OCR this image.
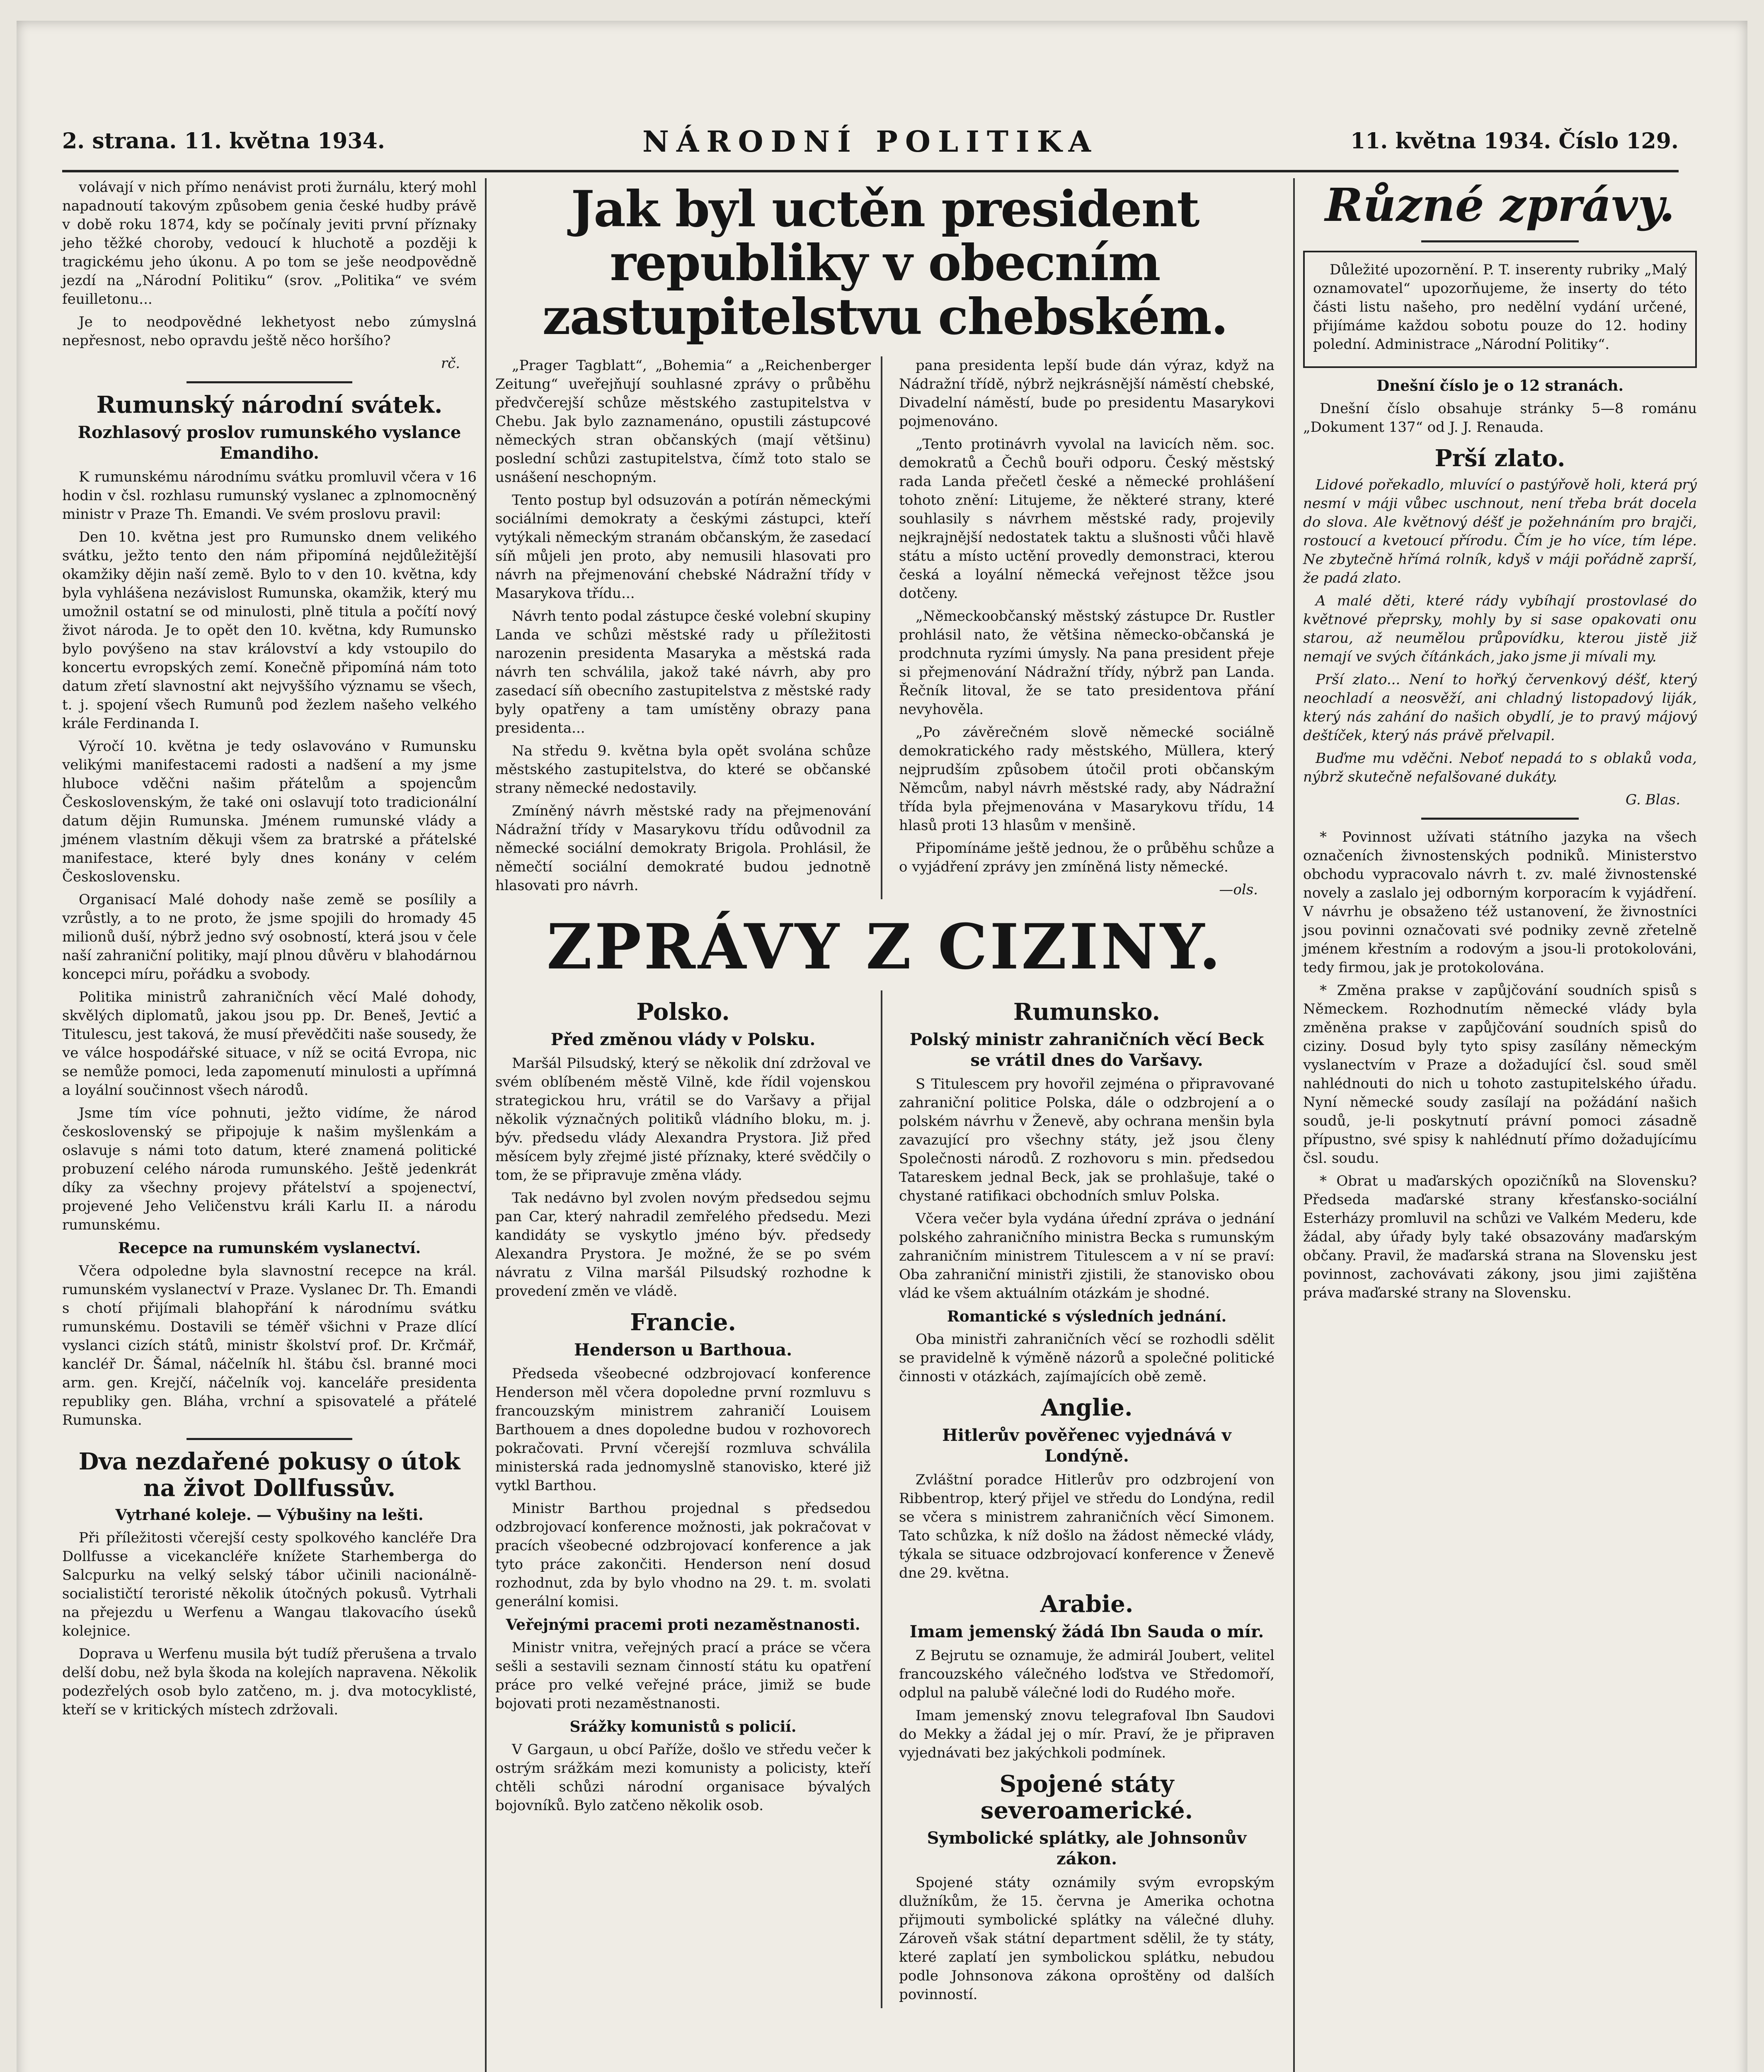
2. strana. 11. května 1934.	NÁRODNÍ POLITIKA	11. května 1934. Číslo 129.

volávají v nich přímo nenávist proti žurnálu, který mohl napadnoutí takovým způsobem genia české hudby právě v době roku 1874, kdy se počínaly jeviti první příznaky jeho těžké choroby, vedoucí k hluchotě a později k tragickému jeho úkonu. A po tom se ješe neodpovědně jezdí na „Národní Politiku“ (srov. „Politika“ ve svém feuilletonu...

Je to neodpovědné lekhetyost nebo zúmyslná nepřesnost, nebo opravdu ještě něco horšího?

rč.
Rumunský národní svátek.
Rozhlasový proslov rumunského vyslance Emandiho.

K rumunskému národnímu svátku promluvil včera v 16 hodin v čsl. rozhlasu rumunský vyslanec a zplnomocněný ministr v Praze Th. Emandi. Ve svém proslovu pravil:

Den 10. května jest pro Rumunsko dnem velikého svátku, ježto tento den nám připomíná nejdůležitější okamžiky dějin naší země. Bylo to v den 10. května, kdy byla vyhlášena nezávislost Rumunska, okamžik, který mu umožnil ostatní se od minulosti, plně titula a počítí nový život národa. Je to opět den 10. května, kdy Rumunsko bylo povýšeno na stav království a kdy vstoupilo do koncertu evropských zemí. Konečně připomíná nám toto datum zřetí slavnostní akt nejvyššího významu se všech, t. j. spojení všech Rumunů pod žezlem našeho velkého krále Ferdinanda I.

Výročí 10. května je tedy oslavováno v Rumunsku velikými manifestacemi radosti a nadšení a my jsme hluboce vděčni našim přátelům a spojencům Československým, že také oni oslavují toto tradicionální datum dějin Rumunska. Jménem rumunské vlády a jménem vlastním děkuji všem za bratrské a přátelské manifestace, které byly dnes konány v celém Československu.

Organisací Malé dohody naše země se posílily a vzrůstly, a to ne proto, že jsme spojili do hromady 45 milionů duší, nýbrž jedno svý osobností, která jsou v čele naší zahraniční politiky, mají plnou důvěru v blahodárnou koncepci míru, pořádku a svobody.

Politika ministrů zahraničních věcí Malé dohody, skvělých diplomatů, jakou jsou pp. Dr. Beneš, Jevtić a Titulescu, jest taková, že musí převědčiti naše sousedy, že ve válce hospodářské situace, v níž se ocitá Evropa, nic se nemůže pomoci, leda zapomenutí minulosti a upřímná a loyální součinnost všech národů.

Jsme tím více pohnuti, ježto vidíme, že národ československý se připojuje k našim myšlenkám a oslavuje s námi toto datum, které znamená politické probuzení celého národa rumunského. Ještě jedenkrát díky za všechny projevy přátelství a spojenectví, projevené Jeho Veličenstvu králi Karlu II. a národu rumunskému.

Recepce na rumunském vyslanectví.

Včera odpoledne byla slavnostní recepce na král. rumunském vyslanectví v Praze. Vyslanec Dr. Th. Emandi s chotí přijímali blahopřání k národnímu svátku rumunskému. Dostavili se téměř všichni v Praze dlící vyslanci cizích států, ministr školství prof. Dr. Krčmář, kancléř Dr. Šámal, náčelník hl. štábu čsl. branné moci arm. gen. Krejčí, náčelník voj. kanceláře presidenta republiky gen. Bláha, vrchní a spisovatelé a přátelé Rumunska.

Dva nezdařené pokusy o útok na život Dollfussův.
Vytrhané koleje. — Výbušiny na lešti.

Při příležitosti včerejší cesty spolkového kancléře Dra Dollfusse a vicekancléře knížete Starhemberga do Salcpurku na velký selský tábor učinili nacionálně-socialističtí teroristé několik útočných pokusů. Vytrhali na přejezdu u Werfenu a Wangau tlakovacího úseků kolejnice.

Doprava u Werfenu musila být tudíž přerušena a trvalo delší dobu, než byla škoda na kolejích napravena. Několik podezřelých osob bylo zatčeno, m. j. dva motocyklisté, kteří se v kritických místech zdržovali.

Jak byl uctěn president republiky v obecním zastupitelstvu chebském.

„Prager Tagblatt“, „Bohemia“ a „Reichenberger Zeitung“ uveřejňují souhlasné zprávy o průběhu předvčerejší schůze městského zastupitelstva v Chebu. Jak bylo zaznamenáno, opustili zástupcové německých stran občanských (mají většinu) poslední schůzi zastupitelstva, čímž toto stalo se usnášení neschopným.

Tento postup byl odsuzován a potírán německými sociálními demokraty a českými zástupci, kteří vytýkali německým stranám občanským, že zasedací síň můjeli jen proto, aby nemusili hlasovati pro návrh na přejmenování chebské Nádražní třídy v Masarykova třídu...

Návrh tento podal zástupce české volební skupiny Landa ve schůzi městské rady u příležitosti narozenin presidenta Masaryka a městská rada návrh ten schválila, jakož také návrh, aby pro zasedací síň obecního zastupitelstva z městské rady byly opatřeny a tam umístěny obrazy pana presidenta...

Na středu 9. května byla opět svolána schůze městského zastupitelstva, do které se občanské strany německé nedostavily.

Zmíněný návrh městské rady na přejmenování Nádražní třídy v Masarykovu třídu odůvodnil za německé sociální demokraty Brigola. Prohlásil, že němečtí sociální demokraté budou jednotně hlasovati pro návrh.

pana presidenta lepší bude dán výraz, když na Nádražní třídě, nýbrž nejkrásnější náměstí chebské, Divadelní náměstí, bude po presidentu Masarykovi pojmenováno.

„Tento protinávrh vyvolal na lavicích něm. soc. demokratů a Čechů bouři odporu. Český městský rada Landa přečetl české a německé prohlášení tohoto znění: Litujeme, že některé strany, které souhlasily s návrhem městské rady, projevily nejkrajnější nedostatek taktu a slušnosti vůči hlavě státu a místo uctění provedly demonstraci, kterou česká a loyální německá veřejnost těžce jsou dotčeny.

„Německoobčanský městský zástupce Dr. Rustler prohlásil nato, že většina německo-občanská je prodchnuta ryzími úmysly. Na pana president přeje si přejmenování Nádražní třídy, nýbrž pan Landa. Řečník litoval, že se tato presidentova přání nevyhověla.

„Po závěrečném slově německé sociálně demokratického rady městského, Müllera, který nejprudším způsobem útočil proti občanským Němcům, nabyl návrh městské rady, aby Nádražní třída byla přejmenována v Masarykovu třídu, 14 hlasů proti 13 hlasům v menšině.

Připomínáme ještě jednou, že o průběhu schůze a o vyjádření zprávy jen zmíněná listy německé.

—ols.
ZPRÁVY Z CIZINY.
Polsko.
Před změnou vlády v Polsku.

Maršál Pilsudský, který se několik dní zdržoval ve svém oblíbeném městě Vilně, kde řídil vojenskou strategickou hru, vrátil se do Varšavy a přijal několik význačných politiků vládního bloku, m. j. býv. předsedu vlády Alexandra Prystora. Již před měsícem byly zřejmé jisté příznaky, které svědčily o tom, že se připravuje změna vlády.

Tak nedávno byl zvolen novým předsedou sejmu pan Car, který nahradil zemřelého předsedu. Mezi kandidáty se vyskytlo jméno býv. předsedy Alexandra Prystora. Je možné, že se po svém návratu z Vilna maršál Pilsudský rozhodne k provedení změn ve vládě.

Francie.
Henderson u Barthoua.

Předseda všeobecné odzbrojovací konference Henderson měl včera dopoledne první rozmluvu s francouzským ministrem zahraničí Louisem Barthouem a dnes dopoledne budou v rozhovorech pokračovati. První včerejší rozmluva schválila ministerská rada jednomyslně stanovisko, které již vytkl Barthou.

Ministr Barthou projednal s předsedou odzbrojovací konference možnosti, jak pokračovat v pracích všeobecné odzbrojovací konference a jak tyto práce zakončiti. Henderson není dosud rozhodnut, zda by bylo vhodno na 29. t. m. svolati generální komisi.

Veřejnými pracemi proti nezaměstnanosti.

Ministr vnitra, veřejných prací a práce se včera sešli a sestavili seznam činností státu ku opatření práce pro velké veřejné práce, jimiž se bude bojovati proti nezaměstnanosti.

Srážky komunistů s policií.

V Gargaun, u obcí Paříže, došlo ve středu večer k ostrým srážkám mezi komunisty a policisty, kteří chtěli schůzi národní organisace bývalých bojovníků. Bylo zatčeno několik osob.

Rumunsko.
Polský ministr zahraničních věcí Beck se vrátil dnes do Varšavy.

S Titulescem pry hovořil zejména o připravované zahraniční politice Polska, dále o odzbrojení a o polském návrhu v Ženevě, aby ochrana menšin byla zavazující pro všechny státy, jež jsou členy Společnosti národů. Z rozhovoru s min. předsedou Tatareskem jednal Beck, jak se prohlašuje, také o chystané ratifikaci obchodních smluv Polska.

Včera večer byla vydána úřední zpráva o jednání polského zahraničního ministra Becka s rumunským zahraničním ministrem Titulescem a v ní se praví: Oba zahraniční ministři zjistili, že stanovisko obou vlád ke všem aktuálním otázkám je shodné.

Romantické s výsledních jednání.

Oba ministři zahraničních věcí se rozhodli sdělit se pravidelně k výměně názorů a společné politické činnosti v otázkách, zajímajících obě země.

Anglie.
Hitlerův pověřenec vyjednává v Londýně.

Zvláštní poradce Hitlerův pro odzbrojení von Ribbentrop, který přijel ve středu do Londýna, redil se včera s ministrem zahraničních věcí Simonem. Tato schůzka, k níž došlo na žádost německé vlády, týkala se situace odzbrojovací konference v Ženevě dne 29. května.

Arabie.
Imam jemenský žádá Ibn Sauda o mír.

Z Bejrutu se oznamuje, že admirál Joubert, velitel francouzského válečného loďstva ve Středomoří, odplul na palubě válečné lodi do Rudého moře.

Imam jemenský znovu telegrafoval Ibn Saudovi do Mekky a žádal jej o mír. Praví, že je připraven vyjednávati bez jakýchkoli podmínek.

Spojené státy severoamerické.
Symbolické splátky, ale Johnsonův zákon.

Spojené státy oznámily svým evropským dlužníkům, že 15. června je Amerika ochotna přijmouti symbolické splátky na válečné dluhy. Zároveň však státní department sdělil, že ty státy, které zaplatí jen symbolickou splátku, nebudou podle Johnsonova zákona oproštěny od dalších povinností.

Různé zprávy.

Důležité upozornění. P. T. inserenty rubriky „Malý oznamovatel“ upozorňujeme, že inserty do této části listu našeho, pro nedělní vydání určené, přijímáme každou sobotu pouze do 12. hodiny polední. Administrace „Národní Politiky“.

Dnešní číslo je o 12 stranách.

Dnešní číslo obsahuje stránky 5—8 románu „Dokument 137“ od J. J. Renauda.

Prší zlato.

Lidové pořekadlo, mluvící o pastýřově holi, která prý nesmí v máji vůbec uschnout, není třeba brát docela do slova. Ale květnový déšť je požehnáním pro brajči, rostoucí a kvetoucí přírodu. Čím je ho více, tím lépe. Ne zbytečně hřímá rolník, kdyš v máji pořádně zaprší, že padá zlato.

A malé děti, které rády vybíhají prostovlasé do květnové přeprsky, mohly by si sase opakovati onu starou, až neumělou průpovídku, kterou jistě již nemají ve svých čítánkách, jako jsme ji mívali my.

Prší zlato... Není to hořký červenkový déšť, který neochladí a neosvěží, ani chladný listopadový liják, který nás zahání do našich obydlí, je to pravý májový deštíček, který nás právě přelvapil.

Buďme mu vděčni. Neboť nepadá to s oblaků voda, nýbrž skutečně nefalšované dukáty.

G. Blas.

* Povinnost užívati státního jazyka na všech označeních živnostenských podniků. Ministerstvo obchodu vypracovalo návrh t. zv. malé živnostenské novely a zaslalo jej odborným korporacím k vyjádření. V návrhu je obsaženo též ustanovení, že živnostníci jsou povinni označovati své podniky zevně zřetelně jménem křestním a rodovým a jsou-li protokolováni, tedy firmou, jak je protokolována.

* Změna prakse v zapůjčování soudních spisů s Německem. Rozhodnutím německé vlády byla změněna prakse v zapůjčování soudních spisů do ciziny. Dosud byly tyto spisy zasílány německým vyslanectvím v Praze a dožadující čsl. soud směl nahlédnouti do nich u tohoto zastupitelského úřadu. Nyní německé soudy zasílají na požádání našich soudů, je-li poskytnutí právní pomoci zásadně přípustno, své spisy k nahlédnutí přímo dožadujícímu čsl. soudu.

* Obrat u maďarských opozičníků na Slovensku? Předseda maďarské strany křesťansko-sociální Esterházy promluvil na schůzi ve Valkém Mederu, kde žádal, aby úřady byly také obsazovány maďarským občany. Pravil, že maďarská strana na Slovensku jest povinnost, zachovávati zákony, jsou jimi zajištěna práva maďarské strany na Slovensku.
